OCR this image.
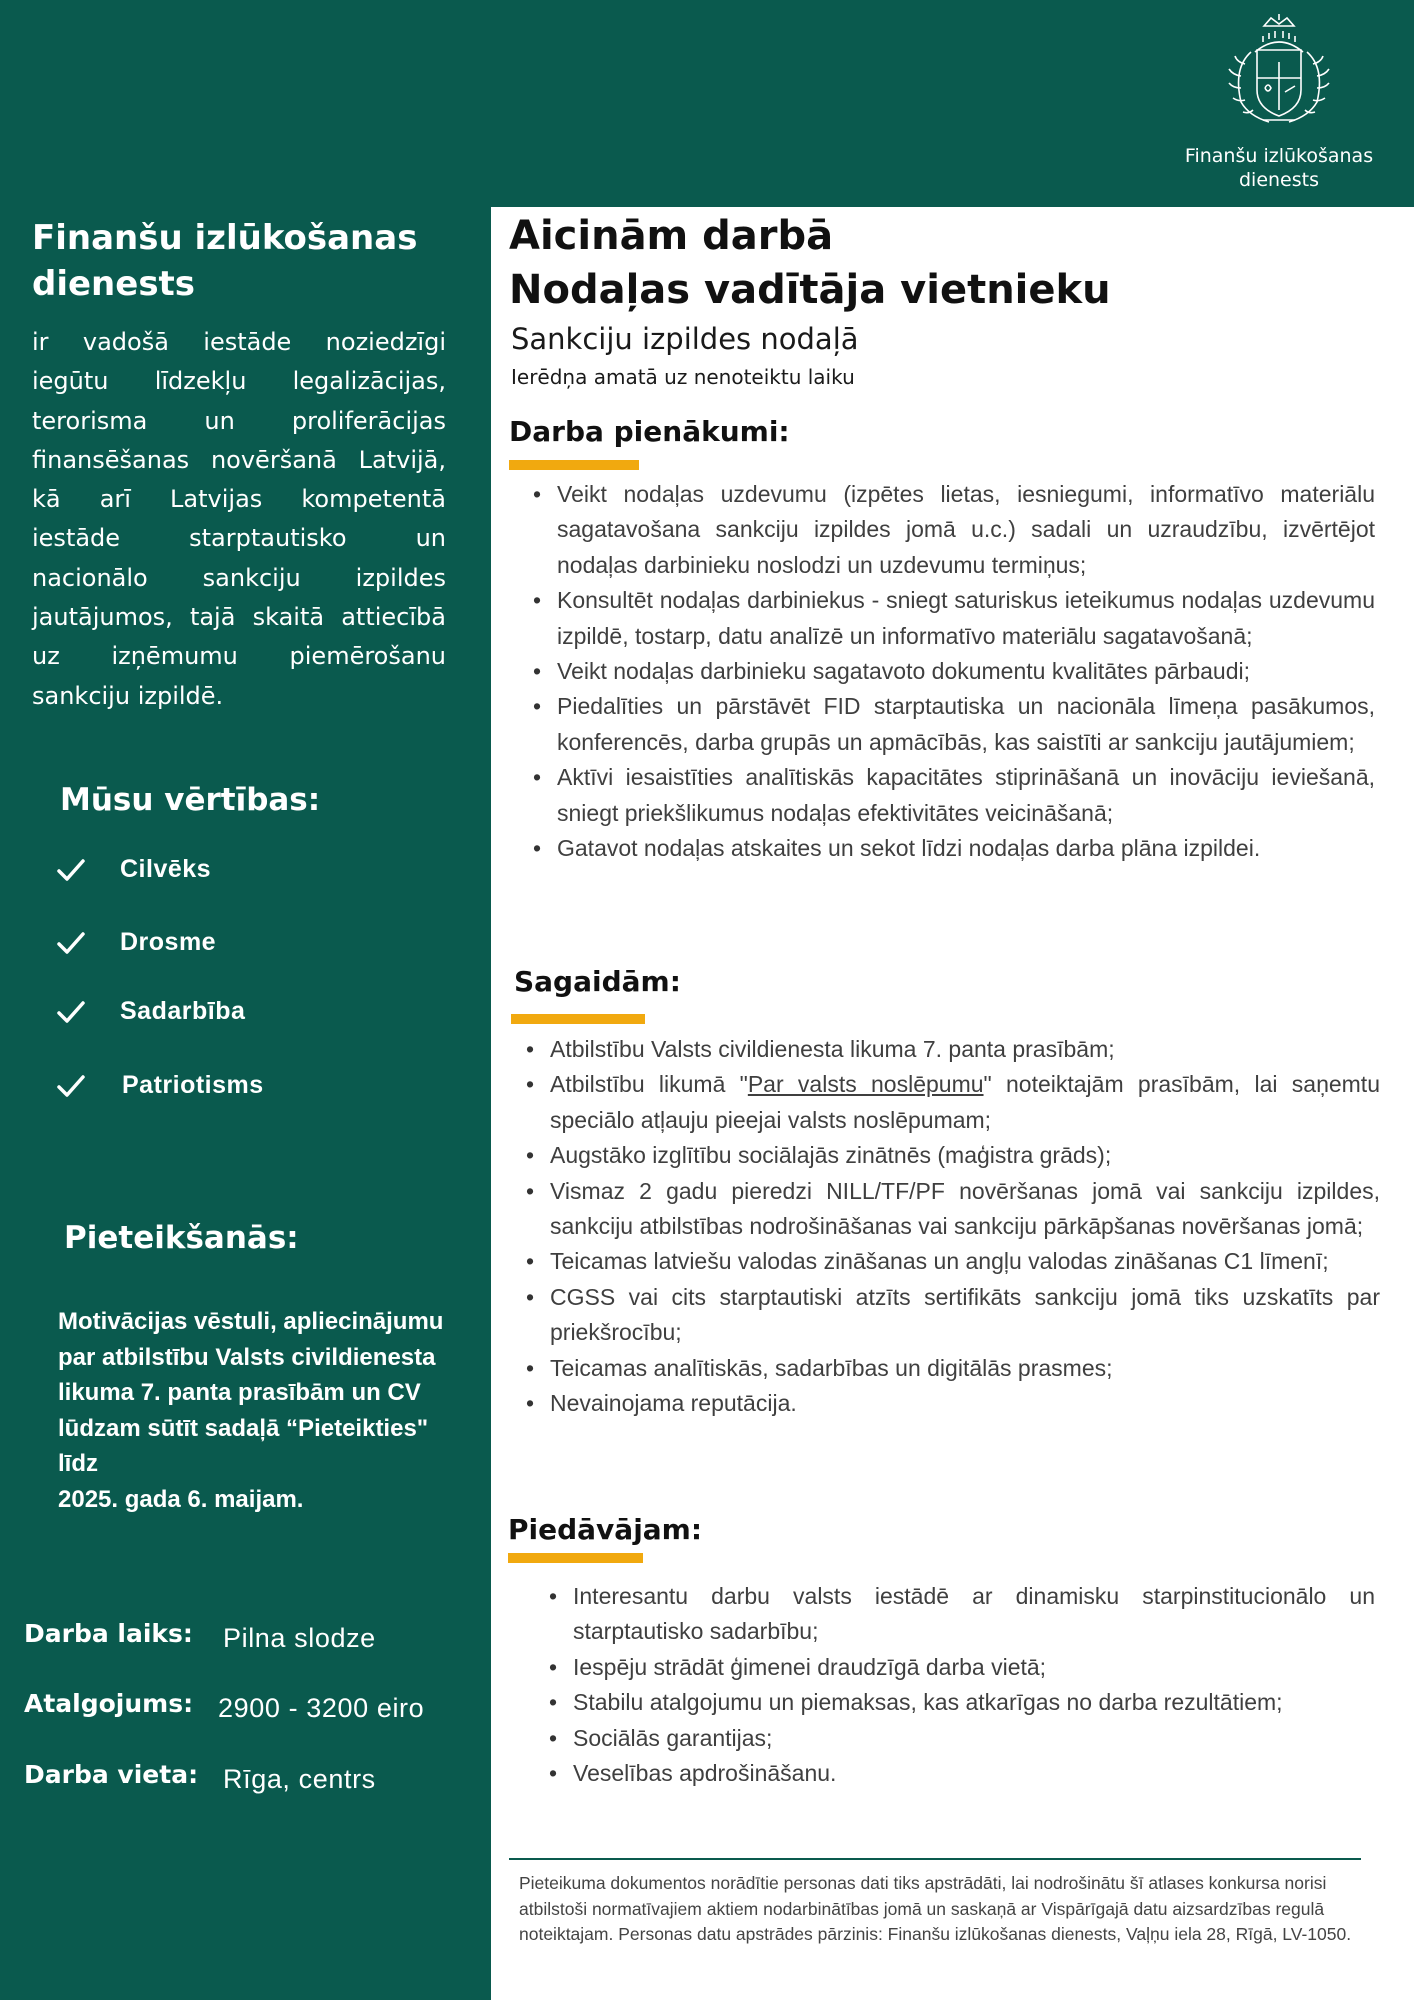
Finanšu izlūkošanas
dienests
Finanšu izlūkošanas dienests
ir vadošā iestāde noziedzīgi iegūtu līdzekļu legalizācijas, terorisma un proliferācijas finansēšanas novēršanā Latvijā, kā arī Latvijas kompetentā iestāde starptautisko un nacionālo sankciju izpildes jautājumos, tajā skaitā attiecībā uz izņēmumu piemērošanu sankciju izpildē.
Mūsu vērtības:
Cilvēks
Drosme
Sadarbība
Patriotisms
Pieteikšanās:
Motivācijas vēstuli, apliecinājumu par atbilstību Valsts civildienesta likuma 7. panta prasībām un CV lūdzam sūtīt sadaļā “Pieteikties" līdz
2025. gada 6. maijam.
Darba laiks: Pilna slodze
Atalgojums: 2900 - 3200 eiro
Darba vieta: Rīga, centrs
Aicinām darbā
Nodaļas vadītāja vietnieku
Sankciju izpildes nodaļā
Ierēdņa amatā uz nenoteiktu laiku
Darba pienākumi:
• Veikt nodaļas uzdevumu (izpētes lietas, iesniegumi, informatīvo materiālu sagatavošana sankciju izpildes jomā u.c.) sadali un uzraudzību, izvērtējot nodaļas darbinieku noslodzi un uzdevumu termiņus;
• Konsultēt nodaļas darbiniekus - sniegt saturiskus ieteikumus nodaļas uzdevumu izpildē, tostarp, datu analīzē un informatīvo materiālu sagatavošanā;
• Veikt nodaļas darbinieku sagatavoto dokumentu kvalitātes pārbaudi;
• Piedalīties un pārstāvēt FID starptautiska un nacionāla līmeņa pasākumos, konferencēs, darba grupās un apmācībās, kas saistīti ar sankciju jautājumiem;
• Aktīvi iesaistīties analītiskās kapacitātes stiprināšanā un inovāciju ieviešanā, sniegt priekšlikumus nodaļas efektivitātes veicināšanā;
• Gatavot nodaļas atskaites un sekot līdzi nodaļas darba plāna izpildei.
Sagaidām:
• Atbilstību Valsts civildienesta likuma 7. panta prasībām;
• Atbilstību likumā "Par valsts noslēpumu" noteiktajām prasībām, lai saņemtu speciālo atļauju pieejai valsts noslēpumam;
• Augstāko izglītību sociālajās zinātnēs (maģistra grāds);
• Vismaz 2 gadu pieredzi NILL/TF/PF novēršanas jomā vai sankciju izpildes, sankciju atbilstības nodrošināšanas vai sankciju pārkāpšanas novēršanas jomā;
• Teicamas latviešu valodas zināšanas un angļu valodas zināšanas C1 līmenī;
• CGSS vai cits starptautiski atzīts sertifikāts sankciju jomā tiks uzskatīts par priekšrocību;
• Teicamas analītiskās, sadarbības un digitālās prasmes;
• Nevainojama reputācija.
Piedāvājam:
• Interesantu darbu valsts iestādē ar dinamisku starpinstitucionālo un starptautisko sadarbību;
• Iespēju strādāt ģimenei draudzīgā darba vietā;
• Stabilu atalgojumu un piemaksas, kas atkarīgas no darba rezultātiem;
• Sociālās garantijas;
• Veselības apdrošināšanu.
Pieteikuma dokumentos norādītie personas dati tiks apstrādāti, lai nodrošinātu šī atlases konkursa norisi atbilstoši normatīvajiem aktiem nodarbinātības jomā un saskaņā ar Vispārīgajā datu aizsardzības regulā noteiktajam. Personas datu apstrādes pārzinis: Finanšu izlūkošanas dienests, Vaļņu iela 28, Rīgā, LV-1050.
